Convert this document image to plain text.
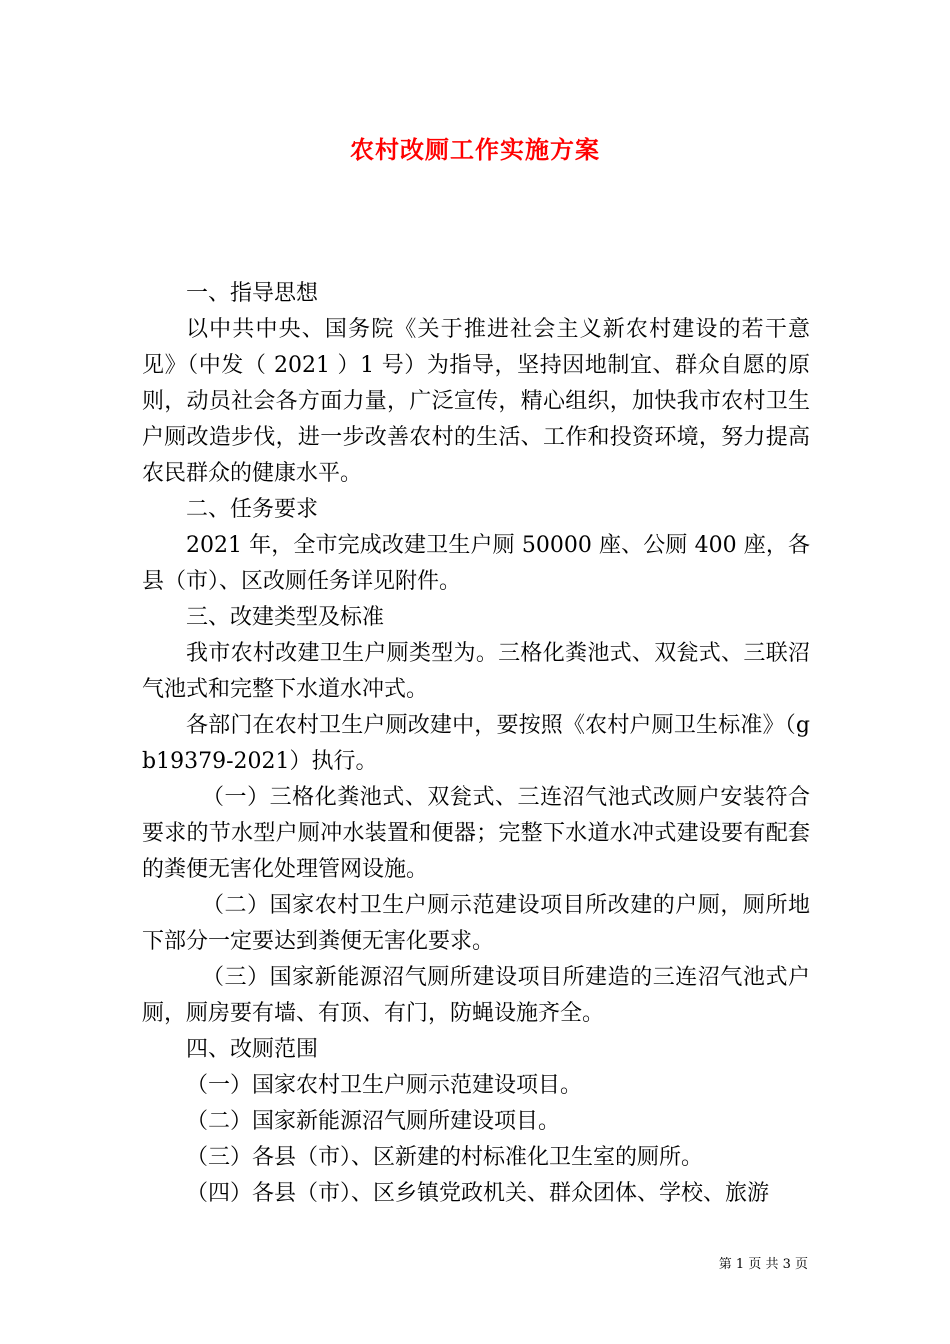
农村改厕工作实施方案

一、指导思想

以中共中央、国务院《关于推进社会主义新农村建设的若干意见》（中发（ 2021 ）1 号）为指导，坚持因地制宜、群众自愿的原则，动员社会各方面力量，广泛宣传，精心组织，加快我市农村卫生户厕改造步伐，进一步改善农村的生活、工作和投资环境，努力提高农民群众的健康水平。

二、任务要求

2021 年，全市完成改建卫生户厕 50000 座、公厕 400 座，各县（市）、区改厕任务详见附件。

三、改建类型及标准

我市农村改建卫生户厕类型为。三格化粪池式、双瓮式、三联沼气池式和完整下水道水冲式。

各部门在农村卫生户厕改建中，要按照《农村户厕卫生标准》（gb19379-2021）执行。

（一）三格化粪池式、双瓮式、三连沼气池式改厕户安装符合要求的节水型户厕冲水装置和便器；完整下水道水冲式建设要有配套的粪便无害化处理管网设施。

（二）国家农村卫生户厕示范建设项目所改建的户厕，厕所地下部分一定要达到粪便无害化要求。

（三）国家新能源沼气厕所建设项目所建造的三连沼气池式户厕，厕房要有墙、有顶、有门，防蝇设施齐全。

四、改厕范围

（一）国家农村卫生户厕示范建设项目。

（二）国家新能源沼气厕所建设项目。

（三）各县（市）、区新建的村标准化卫生室的厕所。

（四）各县（市）、区乡镇党政机关、群众团体、学校、旅游

第 1 页 共 3 页
